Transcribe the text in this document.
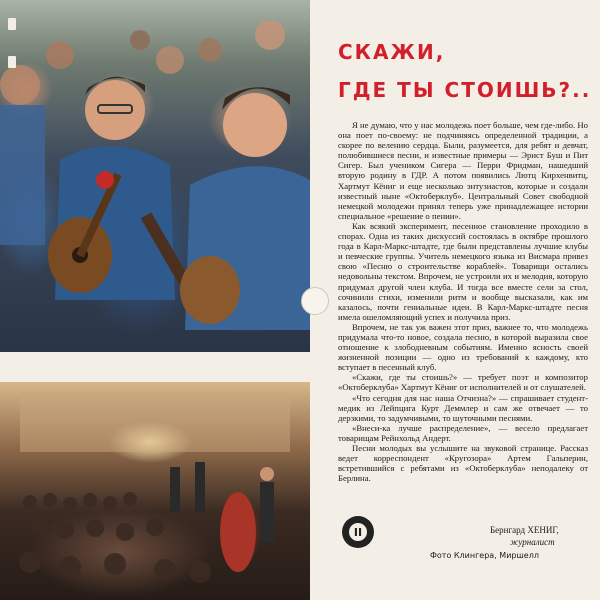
СКАЖИ,
ГДЕ ТЫ СТОИШЬ?..

Я не думаю, что у нас молодежь поет больше, чем где-либо. Но она поет по-своему: не подчиняясь определенной традиции, а скорее по велению сердца. Были, разумеется, для ребят и девчат, полюбившиеся песни, и известные примеры — Эрист Буш и Пит Сигер. Был учеником Сигера — Перри Фридман, нашедший вторую родину в ГДР. А потом появились Лютц Кирхенвитц, Хартмут Кёниг и еще несколько энтузиастов, которые и создали известный ныне «Октоберклуб». Центральный Совет свободной немецкой молодежи принял теперь уже принадлежащее истории специальное «решение о пении».

Как всякий эксперимент, песенное становление проходило в спорах. Одна из таких дискуссий состоялась в октябре прошлого года в Карл-Маркс-штадте, где были представлены лучшие клубы и певческие группы. Учитель немецкого языка из Висмара привез свою «Песню о строительстве кораблей». Товарищи остались недовольны текстом. Впрочем, не устроили их и мелодия, которую придумал другой член клуба. И тогда все вместе сели за стол, сочинили стихи, изменили ритм и вообще высказали, как им казалось, почти гениальные идеи. В Карл-Маркс-штадте песня имела ошеломляющий успех и получила приз.

Впрочем, не так уж важен этот приз, важнее то, что молодежь придумала что-то новое, создала песню, в которой выразила свое отношение к злободневным событиям. Именно ясность своей жизненной позиции — одно из требований к каждому, кто вступает в песенный клуб.

«Скажи, где ты стоишь?» — требует поэт и композитор «Октоберклуба» Хартмут Кёниг от исполнителей и от слушателей.

«Что сегодня для нас наша Отчизна?» — спрашивает студент-медик из Лейпцига Курт Деммлер и сам же отвечает — то дерзкими, то задумчивыми, то шуточными песнями.

«Внеси-ка лучше распределение», — весело предлагает товарищам Рейнхольд Андерт.

Песни молодых вы услышите на звуковой странице. Рассказ ведет корреспондент «Кругозора» Артем Гальперин, встретившийся с ребятами из «Октоберклуба» неподалеку от Берлина.

II	Бернгард ХЕНИГ,
журналист
Фото Клингера, Миршелл
